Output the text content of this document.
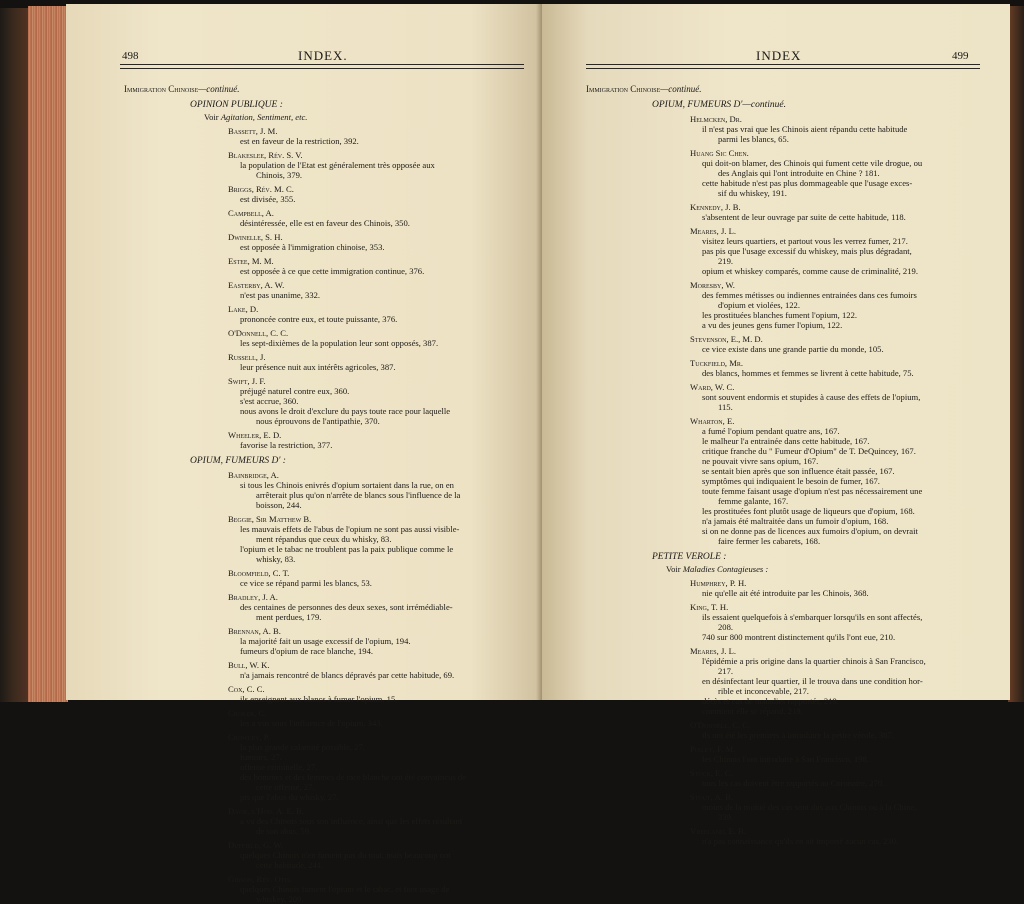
498	INDEX.
Immigration Chinoise—continué.
OPINION PUBLIQUE :
Voir Agitation, Sentiment, etc.
Bassett, J. M.
est en faveur de la restriction, 392.
Blakeslee, Rév. S. V.
la population de l'Etat est généralement très opposée aux
Chinois, 379.
Briggs, Rév. M. C.
est divisée, 355.
Campbell, A.
désintéressée, elle est en faveur des Chinois, 350.
Dwinelle, S. H.
est opposée à l'immigration chinoise, 353.
Estee, M. M.
est opposée à ce que cette immigration continue, 376.
Easterby, A. W.
n'est pas unanime, 332.
Lake, D.
prononcée contre eux, et toute puissante, 376.
O'Donnell, C. C.
les sept-dixièmes de la population leur sont opposés, 387.
Russell, J.
leur présence nuit aux intérêts agricoles, 387.
Swift, J. F.
préjugé naturel contre eux, 360.
s'est accrue, 360.
nous avons le droit d'exclure du pays toute race pour laquelle
nous éprouvons de l'antipathie, 370.
Wheeler, E. D.
favorise la restriction, 377.
OPIUM, FUMEURS D' :
Bainbridge, A.
si tous les Chinois enivrés d'opium sortaient dans la rue, on en
arrêterait plus qu'on n'arrête de blancs sous l'influence de la
boisson, 244.
Beggie, Sir Matthew B.
les mauvais effets de l'abus de l'opium ne sont pas aussi visible-
ment répandus que ceux du whisky, 83.
l'opium et le tabac ne troublent pas la paix publique comme le
whisky, 83.
Bloomfield, C. T.
ce vice se répand parmi les blancs, 53.
Bradley, J. A.
des centaines de personnes des deux sexes, sont irrémédiable-
ment perdues, 179.
Brennan, A. B.
la majorité fait un usage excessif de l'opium, 194.
fumeurs d'opium de race blanche, 194.
Bull, W. K.
n'a jamais rencontré de blancs dépravés par cette habitude, 69.
Cox, C. C.
ils enseignent aux blancs à fumer l'opium, 15.
Croker, C.
les a vus sous l'influence de l'opium, 343.
Crowley, P.
la plus grande calamité possible, 27.
fumoirs, 27.
offense criminelle, 27.
des hommes et des femmes de race blanche ont été convaincus de
cette offense, 27.
pis que l'abus du whisky, 27.
Davie, l'Hon. A. E. B.
a vu des Chinois sous son influence, ainsi que les effets résultant
de son abus, 59.
Duffield, G. W.
quelques Chinois n'en fument pas du tout, mais beaucoup ont
cette habitude, 241.
Gibson, Rév. Otis.
quelques Chinois fument l'opium et le tabac, et font usage de
whiskey, 209.
INDEX	499
Immigration Chinoise—continué.
OPIUM, FUMEURS D'—continué.
Helmcken, Dr.
il n'est pas vrai que les Chinois aient répandu cette habitude
parmi les blancs, 65.
Huang Sic Chen.
qui doit-on blamer, des Chinois qui fument cette vile drogue, ou
des Anglais qui l'ont introduite en Chine ? 181.
cette habitude n'est pas plus dommageable que l'usage exces-
sif du whiskey, 191.
Kennedy, J. B.
s'absentent de leur ouvrage par suite de cette habitude, 118.
Meares, J. L.
visitez leurs quartiers, et partout vous les verrez fumer, 217.
pas pis que l'usage excessif du whiskey, mais plus dégradant,
219.
opium et whiskey comparés, comme cause de criminalité, 219.
Moresby, W.
des femmes métisses ou indiennes entrainées dans ces fumoirs
d'opium et violées, 122.
les prostituées blanches fument l'opium, 122.
a vu des jeunes gens fumer l'opium, 122.
Stevenson, E., M. D.
ce vice existe dans une grande partie du monde, 105.
Tuckfield, Mr.
des blancs, hommes et femmes se livrent à cette habitude, 75.
Ward, W. C.
sont souvent endormis et stupides à cause des effets de l'opium,
115.
Wharton, E.
a fumé l'opium pendant quatre ans, 167.
le malheur l'a entrainée dans cette habitude, 167.
critique franche du " Fumeur d'Opium" de T. DeQuincey, 167.
ne pouvait vivre sans opium, 167.
se sentait bien après que son influence était passée, 167.
symptômes qui indiquaient le besoin de fumer, 167.
toute femme faisant usage d'opium n'est pas nécessairement une
femme galante, 167.
les prostituées font plutôt usage de liqueurs que d'opium, 168.
n'a jamais été maltraitée dans un fumoir d'opium, 168.
si on ne donne pas de licences aux fumoirs d'opium, on devrait
faire fermer les cabarets, 168.
PETITE VEROLE :
Voir Maladies Contagieuses :
Humphrey, P. H.
nie qu'elle ait été introduite par les Chinois, 368.
King, T. H.
ils essaient quelquefois à s'embarquer lorsqu'ils en sont affectés,
208.
740 sur 800 montrent distinctement qu'ils l'ont eue, 210.
Meares, J. L.
l'épidémie a pris origine dans la quartier chinois à San Francisco,
217.
en désinfectant leur quartier, il le trouva dans une condition hor-
rible et inconcevable, 217.
décès et cas de maladies rapportés, 219.
comment elle se répand, 219.
O'Donnell, C. C.
ils ont été les premiers à introduire la petite vérole, 387.
Pixley, F. M.
les Chinois l'ont introduite à San Francisco, 198.
Stock, E. C.
tous les cas doivent être rapportés au Coronaire, 270.
Stout, A. B.
moins de la moitié des cas sont dus aux Chinois ou à la Chine,
339.
Vreeland, E. B.
n'a pas connaissance qu'ils en ait importé aucun cas, 230.
